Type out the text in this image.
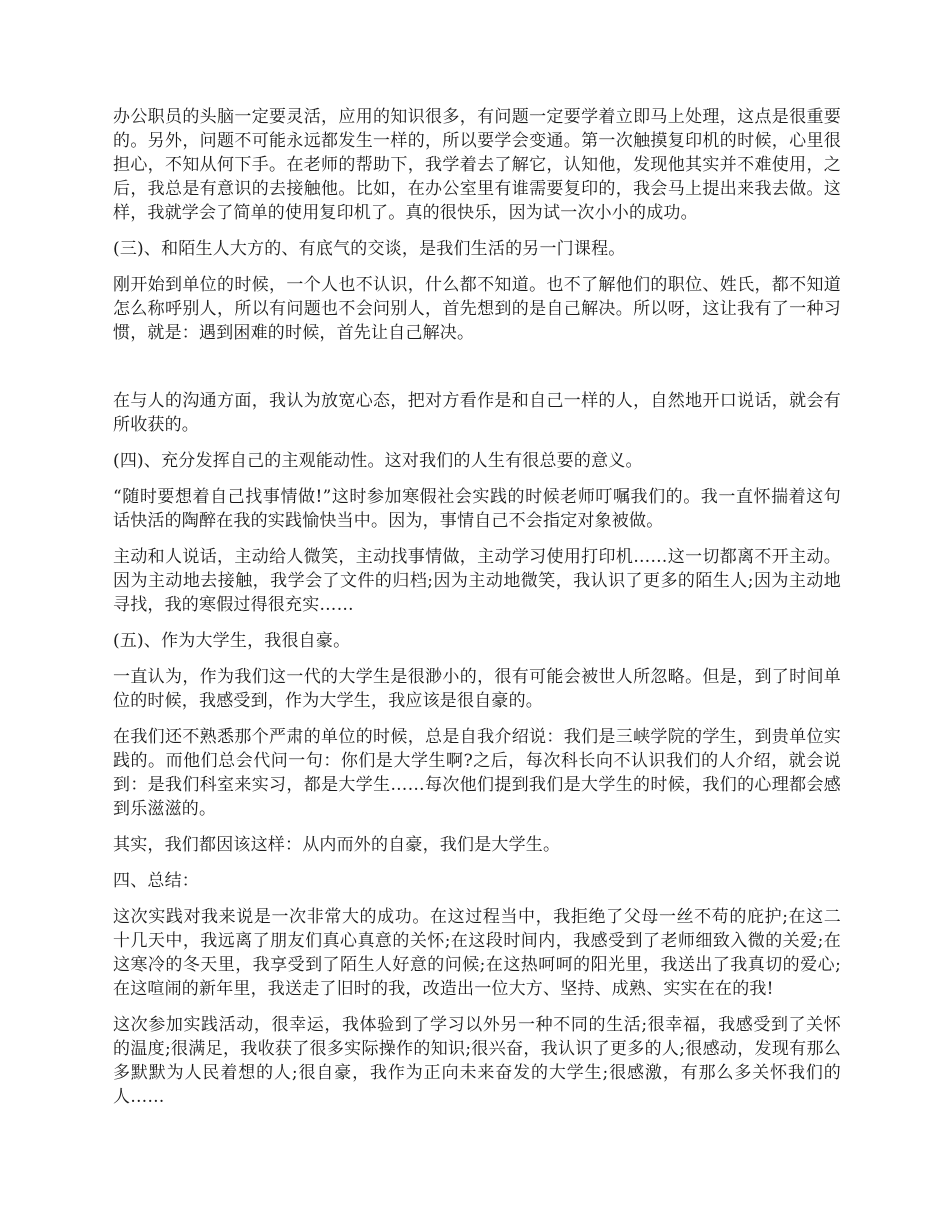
办公职员的头脑一定要灵活，应用的知识很多，有问题一定要学着立即马上处理，这点是很重要的。另外，问题不可能永远都发生一样的，所以要学会变通。第一次触摸复印机的时候，心里很担心，不知从何下手。在老师的帮助下，我学着去了解它，认知他，发现他其实并不难使用，之后，我总是有意识的去接触他。比如，在办公室里有谁需要复印的，我会马上提出来我去做。这样，我就学会了简单的使用复印机了。真的很快乐，因为试一次小小的成功。

(三)、和陌生人大方的、有底气的交谈，是我们生活的另一门课程。

刚开始到单位的时候，一个人也不认识，什么都不知道。也不了解他们的职位、姓氏，都不知道怎么称呼别人，所以有问题也不会问别人，首先想到的是自己解决。所以呀，这让我有了一种习惯，就是：遇到困难的时候，首先让自己解决。

在与人的沟通方面，我认为放宽心态，把对方看作是和自己一样的人，自然地开口说话，就会有所收获的。

(四)、充分发挥自己的主观能动性。这对我们的人生有很总要的意义。

“随时要想着自己找事情做!”这时参加寒假社会实践的时候老师叮嘱我们的。我一直怀揣着这句话快活的陶醉在我的实践愉快当中。因为，事情自己不会指定对象被做。

主动和人说话，主动给人微笑，主动找事情做，主动学习使用打印机……这一切都离不开主动。因为主动地去接触，我学会了文件的归档;因为主动地微笑，我认识了更多的陌生人;因为主动地寻找，我的寒假过得很充实……

(五)、作为大学生，我很自豪。

一直认为，作为我们这一代的大学生是很渺小的，很有可能会被世人所忽略。但是，到了时间单位的时候，我感受到，作为大学生，我应该是很自豪的。

在我们还不熟悉那个严肃的单位的时候，总是自我介绍说：我们是三峡学院的学生，到贵单位实践的。而他们总会代问一句：你们是大学生啊?之后，每次科长向不认识我们的人介绍，就会说到：是我们科室来实习，都是大学生……每次他们提到我们是大学生的时候，我们的心理都会感到乐滋滋的。

其实，我们都因该这样：从内而外的自豪，我们是大学生。

四、总结：

这次实践对我来说是一次非常大的成功。在这过程当中，我拒绝了父母一丝不苟的庇护;在这二十几天中，我远离了朋友们真心真意的关怀;在这段时间内，我感受到了老师细致入微的关爱;在这寒冷的冬天里，我享受到了陌生人好意的问候;在这热呵呵的阳光里，我送出了我真切的爱心;在这喧闹的新年里，我送走了旧时的我，改造出一位大方、坚持、成熟、实实在在的我!

这次参加实践活动，很幸运，我体验到了学习以外另一种不同的生活;很幸福，我感受到了关怀的温度;很满足，我收获了很多实际操作的知识;很兴奋，我认识了更多的人;很感动，发现有那么多默默为人民着想的人;很自豪，我作为正向未来奋发的大学生;很感激，有那么多关怀我们的人……
